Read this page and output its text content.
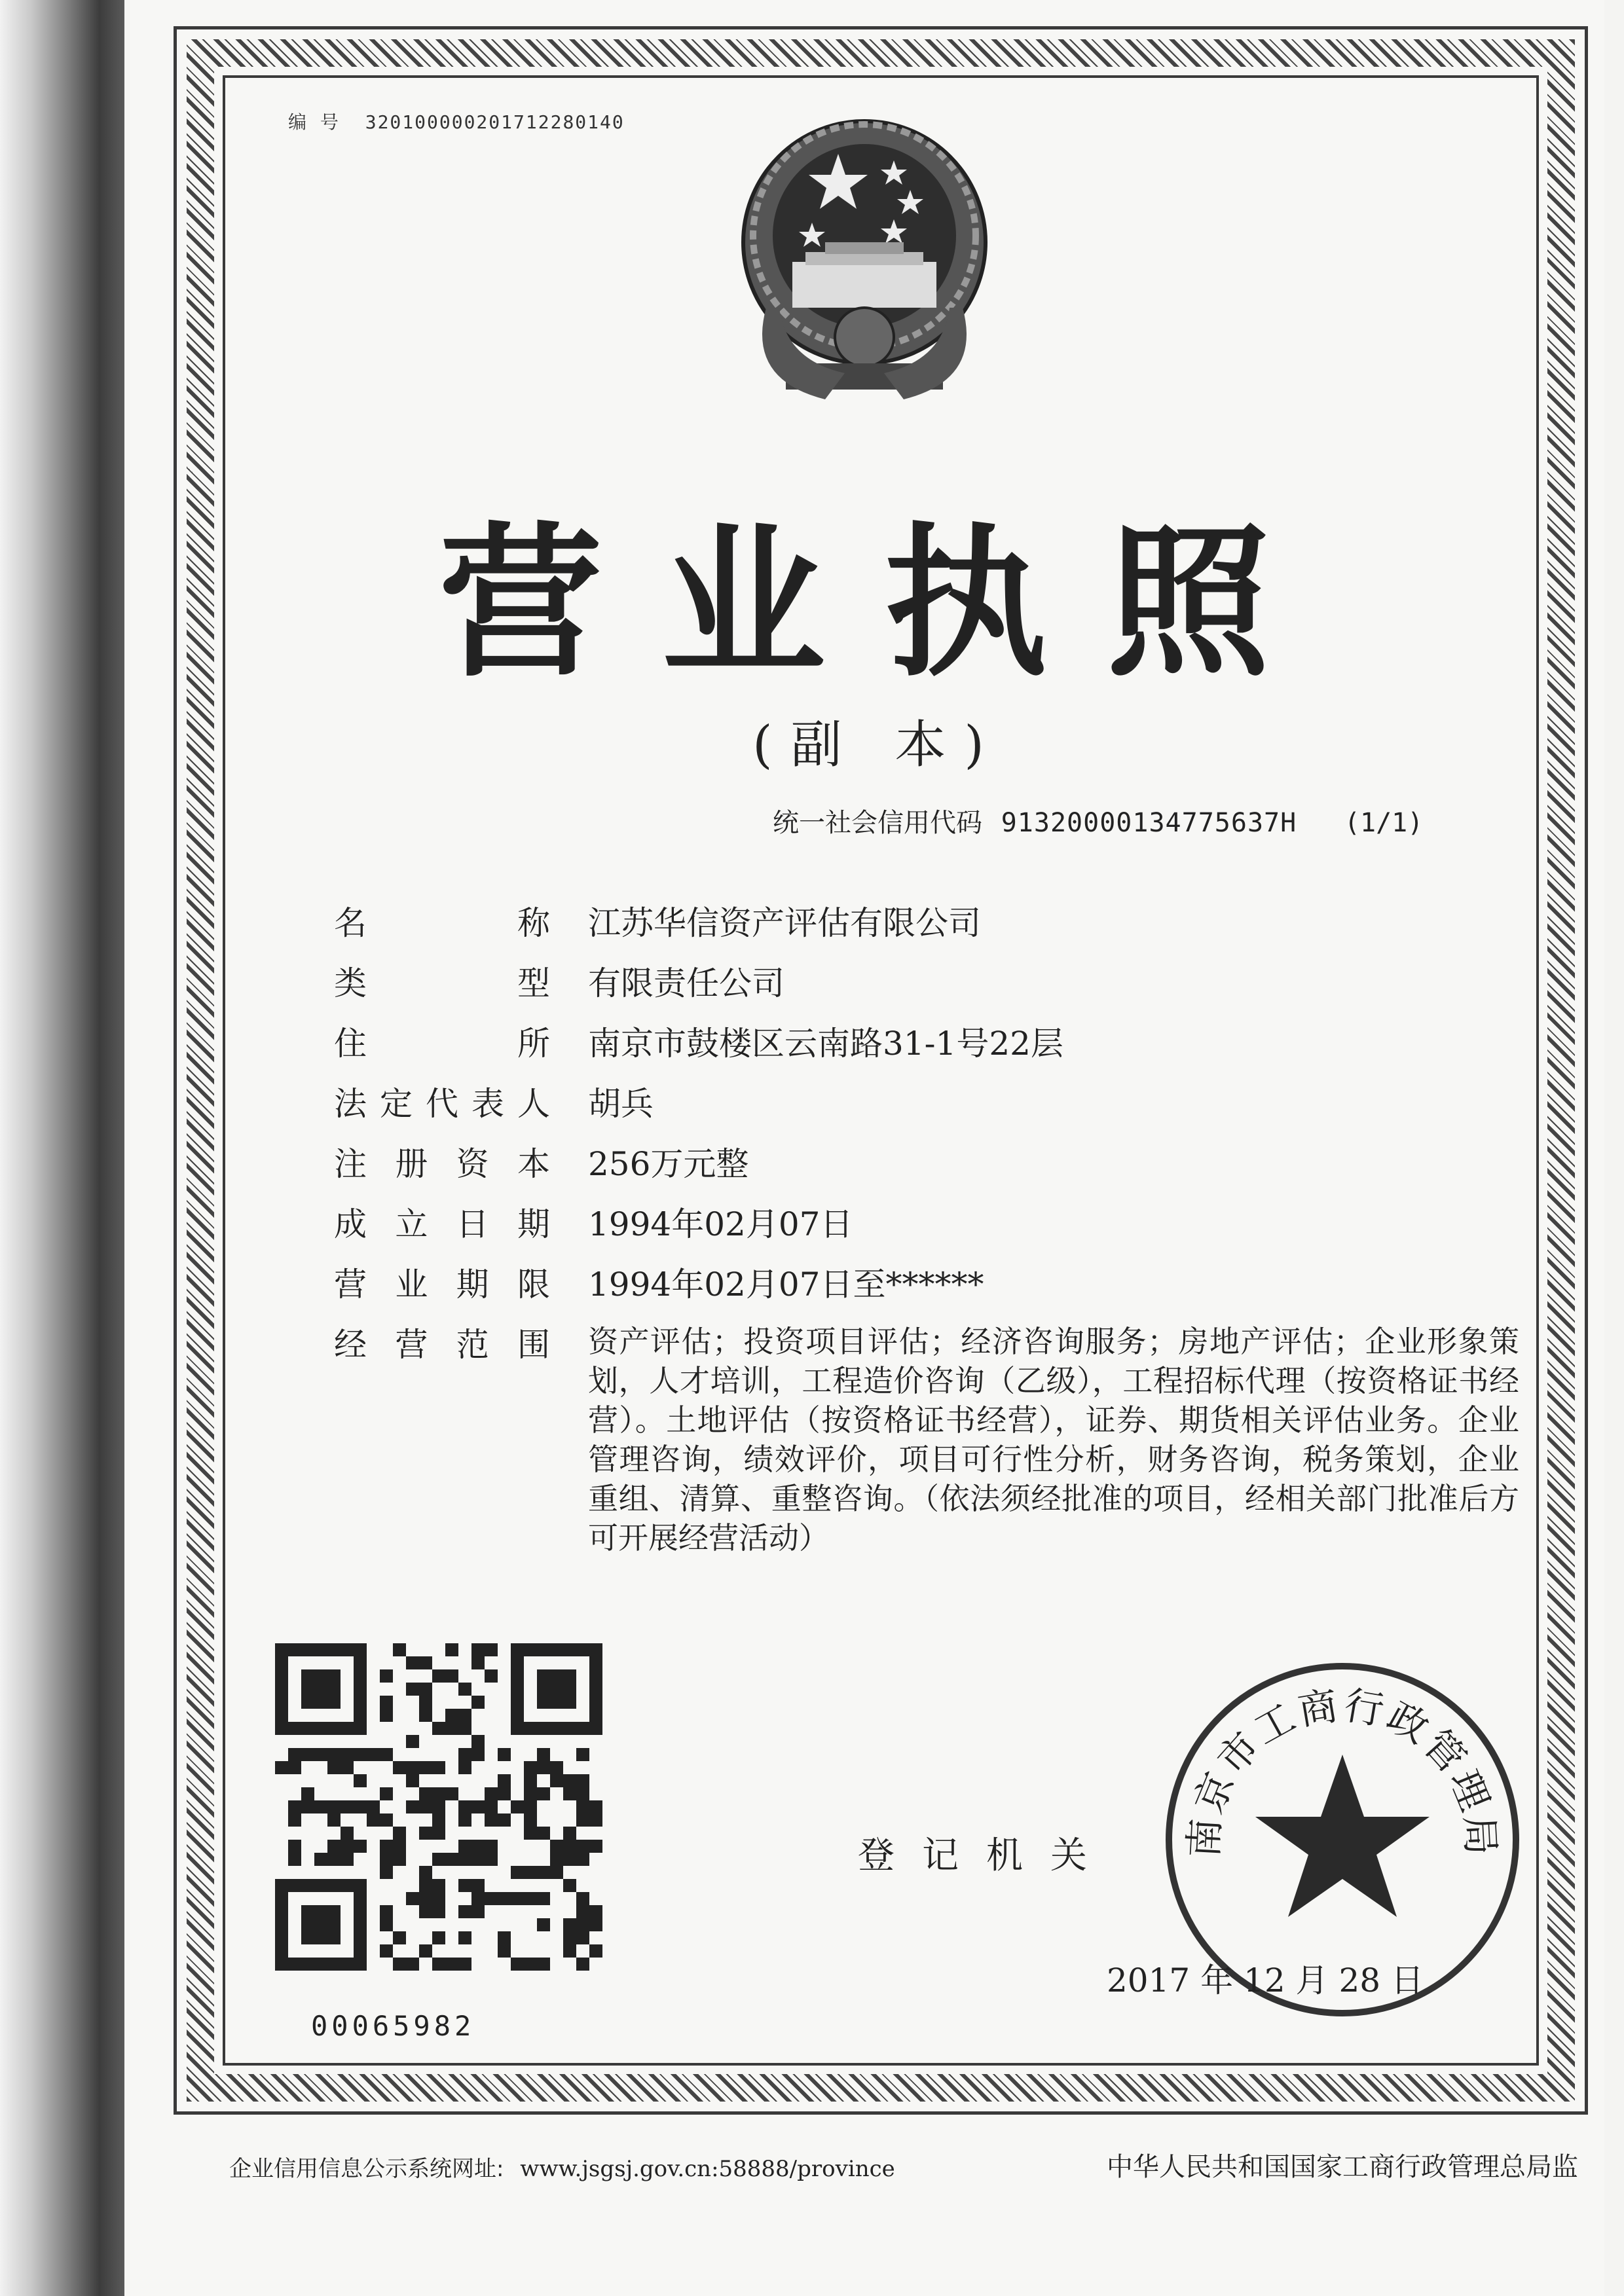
编 号 320100000201712280140
营业执照
(副 本)
统一社会信用代码 91320000134775637H (1/1)
名	称 江苏华信资产评估有限公司
类	型 有限责任公司
住	所 南京市鼓楼区云南路31-1号22层
法 定 代 表 人 胡兵
注 册 资 本 256万元整
成 立 日 期 1994年02月07日
营 业 期 限 1994年02月07日至******
经 营 范 围 资产评估；投资项目评估；经济咨询服务；房地产评估；企业形象策划，人才培训，工程造价咨询（乙级），工程招标代理（按资格证书经营）。土地评估（按资格证书经营），证券、期货相关评估业务。企业管理咨询，绩效评价，项目可行性分析，财务咨询，税务策划，企业重组、清算、重整咨询。（依法须经批准的项目，经相关部门批准后方可开展经营活动）
00065982
登记机关 南京市工商行政管理局
2017 年 12 月 28 日
企业信用信息公示系统网址: www.jsgsj.gov.cn:58888/province	中华人民共和国国家工商行政管理总局监
